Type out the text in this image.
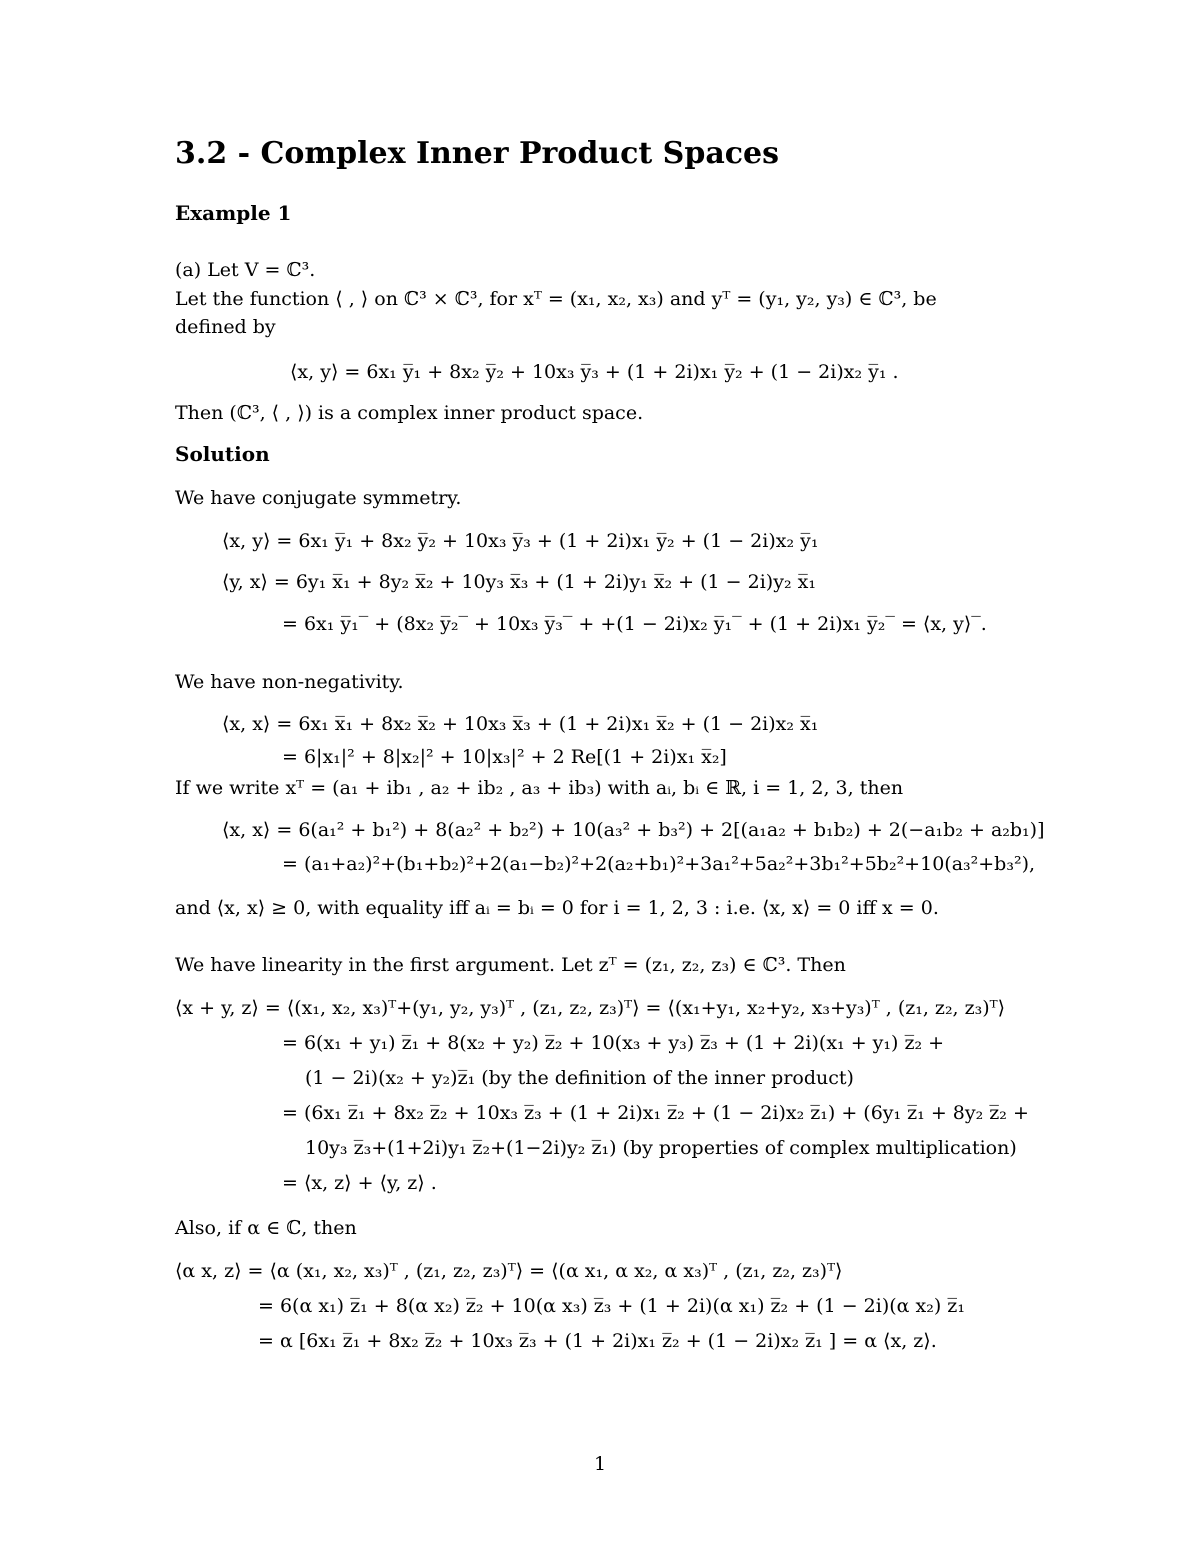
3.2 - Complex Inner Product Spaces
Example 1
(a) Let V = ℂ³.
Let the function ⟨ , ⟩ on ℂ³ × ℂ³, for xᵀ = (x₁, x₂, x₃) and yᵀ = (y₁, y₂, y₃) ∈ ℂ³, be
defined by
⟨x, y⟩ = 6x₁ y̅₁ + 8x₂ y̅₂ + 10x₃ y̅₃ + (1 + 2i)x₁ y̅₂ + (1 − 2i)x₂ y̅₁ .
Then (ℂ³, ⟨ , ⟩) is a complex inner product space.
Solution
We have conjugate symmetry.
⟨x, y⟩ = 6x₁ y̅₁ + 8x₂ y̅₂ + 10x₃ y̅₃ + (1 + 2i)x₁ y̅₂ + (1 − 2i)x₂ y̅₁
⟨y, x⟩ = 6y₁ x̅₁ + 8y₂ x̅₂ + 10y₃ x̅₃ + (1 + 2i)y₁ x̅₂ + (1 − 2i)y₂ x̅₁
= 6x₁ y̅₁‾ + (8x₂ y̅₂‾ + 10x₃ y̅₃‾ + +(1 − 2i)x₂ y̅₁‾ + (1 + 2i)x₁ y̅₂‾ = ⟨x, y⟩‾.
We have non-negativity.
⟨x, x⟩ = 6x₁ x̅₁ + 8x₂ x̅₂ + 10x₃ x̅₃ + (1 + 2i)x₁ x̅₂ + (1 − 2i)x₂ x̅₁
= 6|x₁|² + 8|x₂|² + 10|x₃|² + 2 Re[(1 + 2i)x₁ x̅₂]
If we write xᵀ = (a₁ + ib₁ , a₂ + ib₂ , a₃ + ib₃) with aᵢ, bᵢ ∈ ℝ, i = 1, 2, 3, then
⟨x, x⟩ = 6(a₁² + b₁²) + 8(a₂² + b₂²) + 10(a₃² + b₃²) + 2[(a₁a₂ + b₁b₂) + 2(−a₁b₂ + a₂b₁)]
= (a₁+a₂)²+(b₁+b₂)²+2(a₁−b₂)²+2(a₂+b₁)²+3a₁²+5a₂²+3b₁²+5b₂²+10(a₃²+b₃²),
and ⟨x, x⟩ ≥ 0, with equality iff aᵢ = bᵢ = 0 for i = 1, 2, 3 : i.e. ⟨x, x⟩ = 0 iff x = 0.
We have linearity in the first argument. Let zᵀ = (z₁, z₂, z₃) ∈ ℂ³. Then
⟨x + y, z⟩ = ⟨(x₁, x₂, x₃)ᵀ+(y₁, y₂, y₃)ᵀ , (z₁, z₂, z₃)ᵀ⟩ = ⟨(x₁+y₁, x₂+y₂, x₃+y₃)ᵀ , (z₁, z₂, z₃)ᵀ⟩
= 6(x₁ + y₁) z̅₁ + 8(x₂ + y₂) z̅₂ + 10(x₃ + y₃) z̅₃ + (1 + 2i)(x₁ + y₁) z̅₂ +
(1 − 2i)(x₂ + y₂)z̅₁ (by the definition of the inner product)
= (6x₁ z̅₁ + 8x₂ z̅₂ + 10x₃ z̅₃ + (1 + 2i)x₁ z̅₂ + (1 − 2i)x₂ z̅₁) + (6y₁ z̅₁ + 8y₂ z̅₂ +
10y₃ z̅₃+(1+2i)y₁ z̅₂+(1−2i)y₂ z̅₁) (by properties of complex multiplication)
= ⟨x, z⟩ + ⟨y, z⟩ .
Also, if α ∈ ℂ, then
⟨α x, z⟩ = ⟨α (x₁, x₂, x₃)ᵀ , (z₁, z₂, z₃)ᵀ⟩ = ⟨(α x₁, α x₂, α x₃)ᵀ , (z₁, z₂, z₃)ᵀ⟩
= 6(α x₁) z̅₁ + 8(α x₂) z̅₂ + 10(α x₃) z̅₃ + (1 + 2i)(α x₁) z̅₂ + (1 − 2i)(α x₂) z̅₁
= α [6x₁ z̅₁ + 8x₂ z̅₂ + 10x₃ z̅₃ + (1 + 2i)x₁ z̅₂ + (1 − 2i)x₂ z̅₁ ] = α ⟨x, z⟩.
1
